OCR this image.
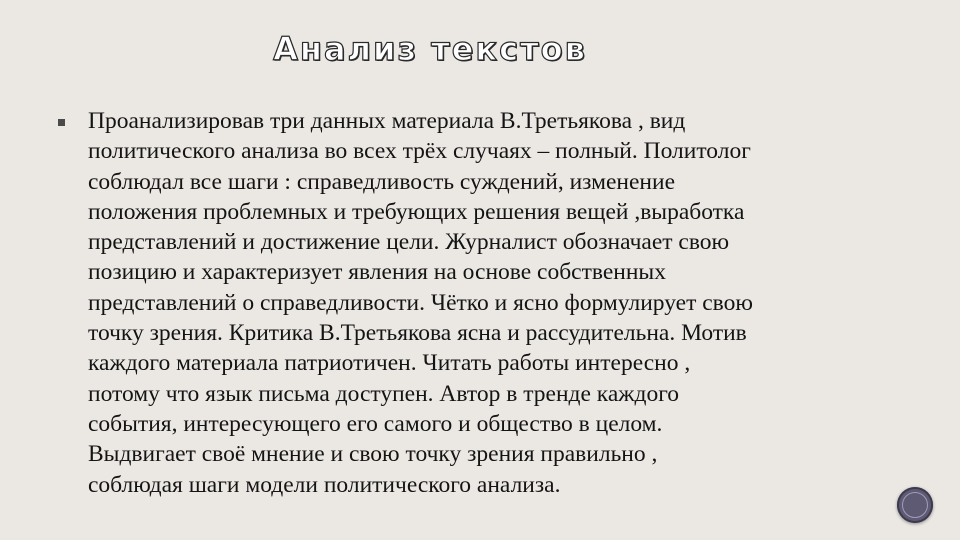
Анализ текстов
Проанализировав три данных материала В.Третьякова , вид
политического анализа во всех трёх случаях – полный. Политолог
соблюдал все шаги : справедливость суждений, изменение
положения проблемных и требующих решения вещей ,выработка
представлений и достижение цели. Журналист обозначает свою
позицию и характеризует явления на основе собственных
представлений о справедливости. Чётко и ясно формулирует свою
точку зрения. Критика В.Третьякова ясна и рассудительна. Мотив
каждого материала патриотичен. Читать работы интересно ,
потому что язык письма доступен. Автор в тренде каждого
события, интересующего его самого и общество в целом.
Выдвигает своё мнение и свою точку зрения правильно ,
соблюдая шаги модели политического анализа.
